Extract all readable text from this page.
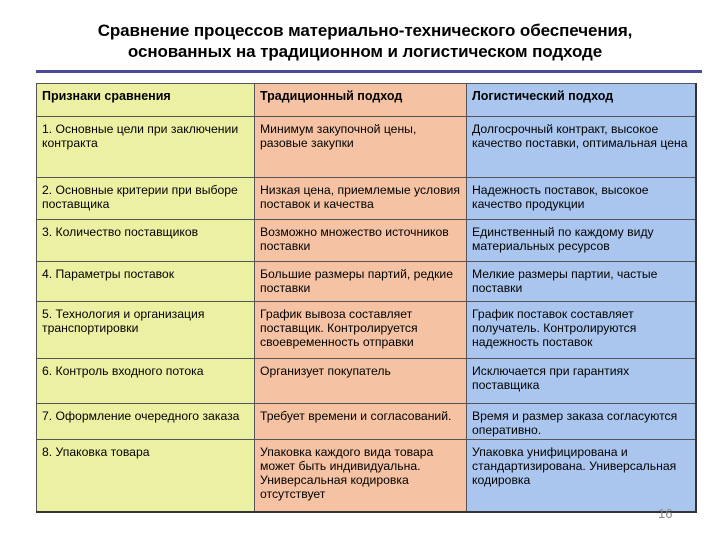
Сравнение процессов материально-технического обеспечения,
основанных на традиционном и логистическом подходе
Признаки сравнения	Традиционный подход	Логистический подход
1. Основные цели при заключении контракта	Минимум закупочной цены, разовые закупки	Долгосрочный контракт, высокое качество поставки, оптимальная цена
2. Основные критерии при выборе поставщика	Низкая цена, приемлемые условия поставок и качества	Надежность поставок, высокое качество продукции
3. Количество поставщиков	Возможно множество источников поставки	Единственный по каждому виду материальных ресурсов
4. Параметры поставок	Большие размеры партий, редкие поставки	Мелкие размеры партии, частые поставки
5. Технология и организация транспортировки	График вывоза составляет поставщик. Контролируется своевременность отправки	График поставок составляет получатель. Контролируются надежность поставок
6. Контроль входного потока	Организует покупатель	Исключается при гарантиях поставщика
7. Оформление очередного заказа	Требует времени и согласований.	Время и размер заказа согласуются оперативно.
8. Упаковка товара	Упаковка каждого вида товара может быть индивидуальна. Универсальная кодировка отсутствует	Упаковка унифицирована и стандартизирована. Универсальная кодировка
16
